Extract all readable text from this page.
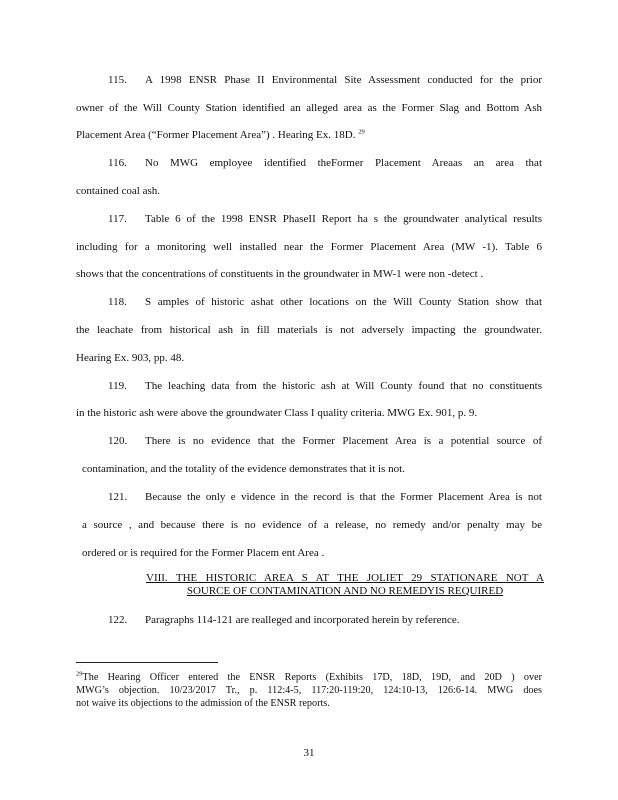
115. A 1998 ENSR Phase II Environmental Site Assessment conducted for the prior
owner of the Will County Station identified an alleged area as the Former Slag and Bottom Ash
Placement Area (“Former Placement Area”) . Hearing Ex. 18D. $^{29}$
116. No MWG employee identified theFormer Placement Areaas an area that
contained coal ash.
117. Table 6 of the 1998 ENSR PhaseII Report ha s the groundwater analytical results
including for a monitoring well installed near the Former Placement Area (MW -1). Table 6
shows that the concentrations of constituents in the groundwater in MW-1 were non -detect .
118. S amples of historic ashat other locations on the Will County Station show that
the leachate from historical ash in fill materials is not adversely impacting the groundwater.
Hearing Ex. 903, pp. 48.
119. The leaching data from the historic ash at Will County found that no constituents
in the historic ash were above the groundwater Class I quality criteria. MWG Ex. 901, p. 9.
120. There is no evidence that the Former Placement Area is a potential source of
contamination, and the totality of the evidence demonstrates that it is not.
121. Because the only e vidence in the record is that the Former Placement Area is not
a source , and because there is no evidence of a release, no remedy and/or penalty may be
ordered or is required for the Former Placem ent Area .
VIII. THE HISTORIC AREA S AT THE JOLIET 29 STATIONARE NOT A
SOURCE OF CONTAMINATION AND NO REMEDYIS REQUIRED
122. Paragraphs 114-121 are realleged and incorporated herein by reference.
$^{29}$The Hearing Officer entered the ENSR Reports (Exhibits 17D, 18D, 19D, and 20D ) over
MWG’s objection. 10/23/2017 Tr., p. 112:4-5, 117:20-119:20, 124:10-13, 126:6-14. MWG does
not waive its objections to the admission of the ENSR reports.
31
